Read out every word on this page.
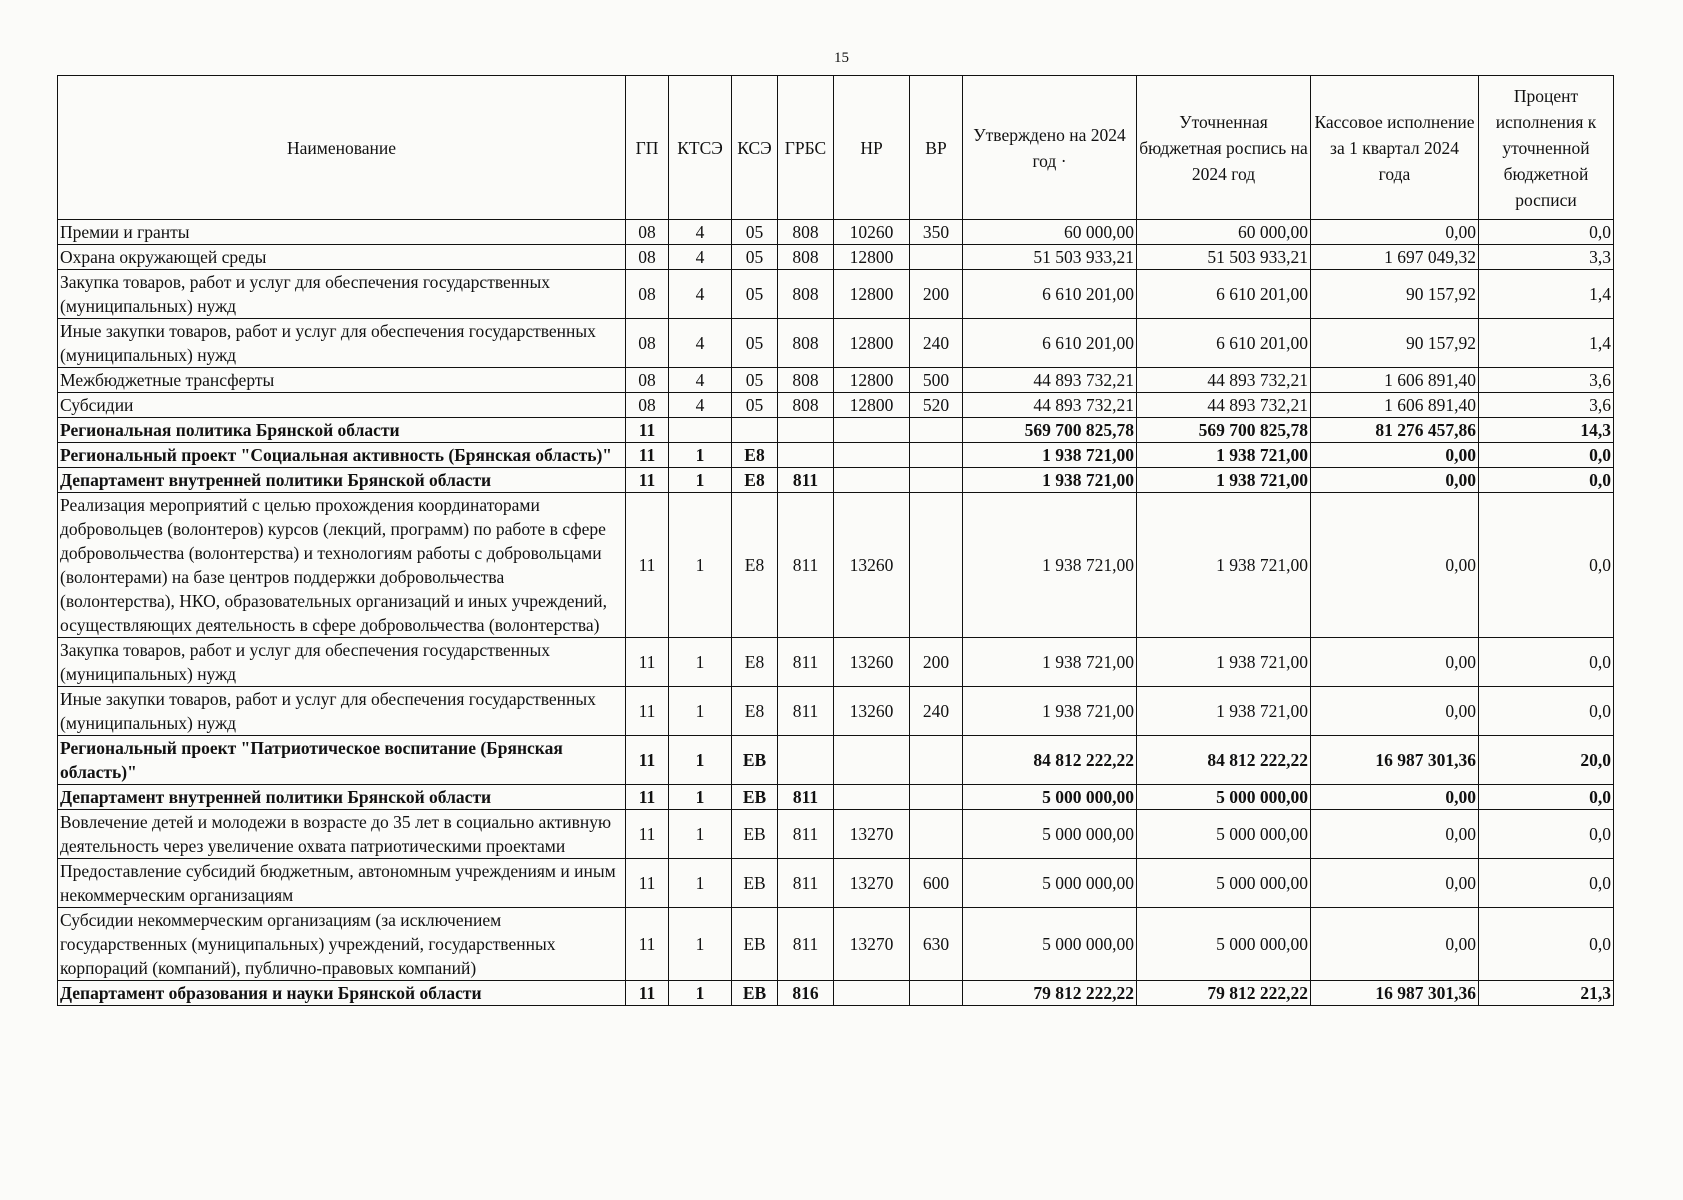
15
Наименование	ГП	КТСЭ	КСЭ	ГРБС	НР	ВР	Утверждено на 2024 год ·	Уточненная бюджетная роспись на 2024 год	Кассовое исполнение за 1 квартал 2024 года	Процент исполнения к уточненной бюджетной росписи
Премии и гранты	08	4	05	808	10260	350	60 000,00	60 000,00	0,00	0,0
Охрана окружающей среды	08	4	05	808	12800		51 503 933,21	51 503 933,21	1 697 049,32	3,3
Закупка товаров, работ и услуг для обеспечения государственных (муниципальных) нужд	08	4	05	808	12800	200	6 610 201,00	6 610 201,00	90 157,92	1,4
Иные закупки товаров, работ и услуг для обеспечения государственных (муниципальных) нужд	08	4	05	808	12800	240	6 610 201,00	6 610 201,00	90 157,92	1,4
Межбюджетные трансферты	08	4	05	808	12800	500	44 893 732,21	44 893 732,21	1 606 891,40	3,6
Субсидии	08	4	05	808	12800	520	44 893 732,21	44 893 732,21	1 606 891,40	3,6
Региональная политика Брянской области	11						569 700 825,78	569 700 825,78	81 276 457,86	14,3
Региональный проект "Социальная активность (Брянская область)"	11	1	E8				1 938 721,00	1 938 721,00	0,00	0,0
Департамент внутренней политики Брянской области	11	1	E8	811			1 938 721,00	1 938 721,00	0,00	0,0
Реализация мероприятий с целью прохождения координаторами добровольцев (волонтеров) курсов (лекций, программ) по работе в сфере добровольчества (волонтерства) и технологиям работы с добровольцами (волонтерами) на базе центров поддержки добровольчества (волонтерства), НКО, образовательных организаций и иных учреждений, осуществляющих деятельность в сфере добровольчества (волонтерства)	11	1	E8	811	13260		1 938 721,00	1 938 721,00	0,00	0,0
Закупка товаров, работ и услуг для обеспечения государственных (муниципальных) нужд	11	1	E8	811	13260	200	1 938 721,00	1 938 721,00	0,00	0,0
Иные закупки товаров, работ и услуг для обеспечения государственных (муниципальных) нужд	11	1	E8	811	13260	240	1 938 721,00	1 938 721,00	0,00	0,0
Региональный проект "Патриотическое воспитание (Брянская область)"	11	1	EB				84 812 222,22	84 812 222,22	16 987 301,36	20,0
Департамент внутренней политики Брянской области	11	1	EB	811			5 000 000,00	5 000 000,00	0,00	0,0
Вовлечение детей и молодежи в возрасте до 35 лет в социально активную деятельность через увеличение охвата патриотическими проектами	11	1	EB	811	13270		5 000 000,00	5 000 000,00	0,00	0,0
Предоставление субсидий бюджетным, автономным учреждениям и иным некоммерческим организациям	11	1	EB	811	13270	600	5 000 000,00	5 000 000,00	0,00	0,0
Субсидии некоммерческим организациям (за исключением государственных (муниципальных) учреждений, государственных корпораций (компаний), публично-правовых компаний)	11	1	EB	811	13270	630	5 000 000,00	5 000 000,00	0,00	0,0
Департамент образования и науки Брянской области	11	1	EB	816			79 812 222,22	79 812 222,22	16 987 301,36	21,3
